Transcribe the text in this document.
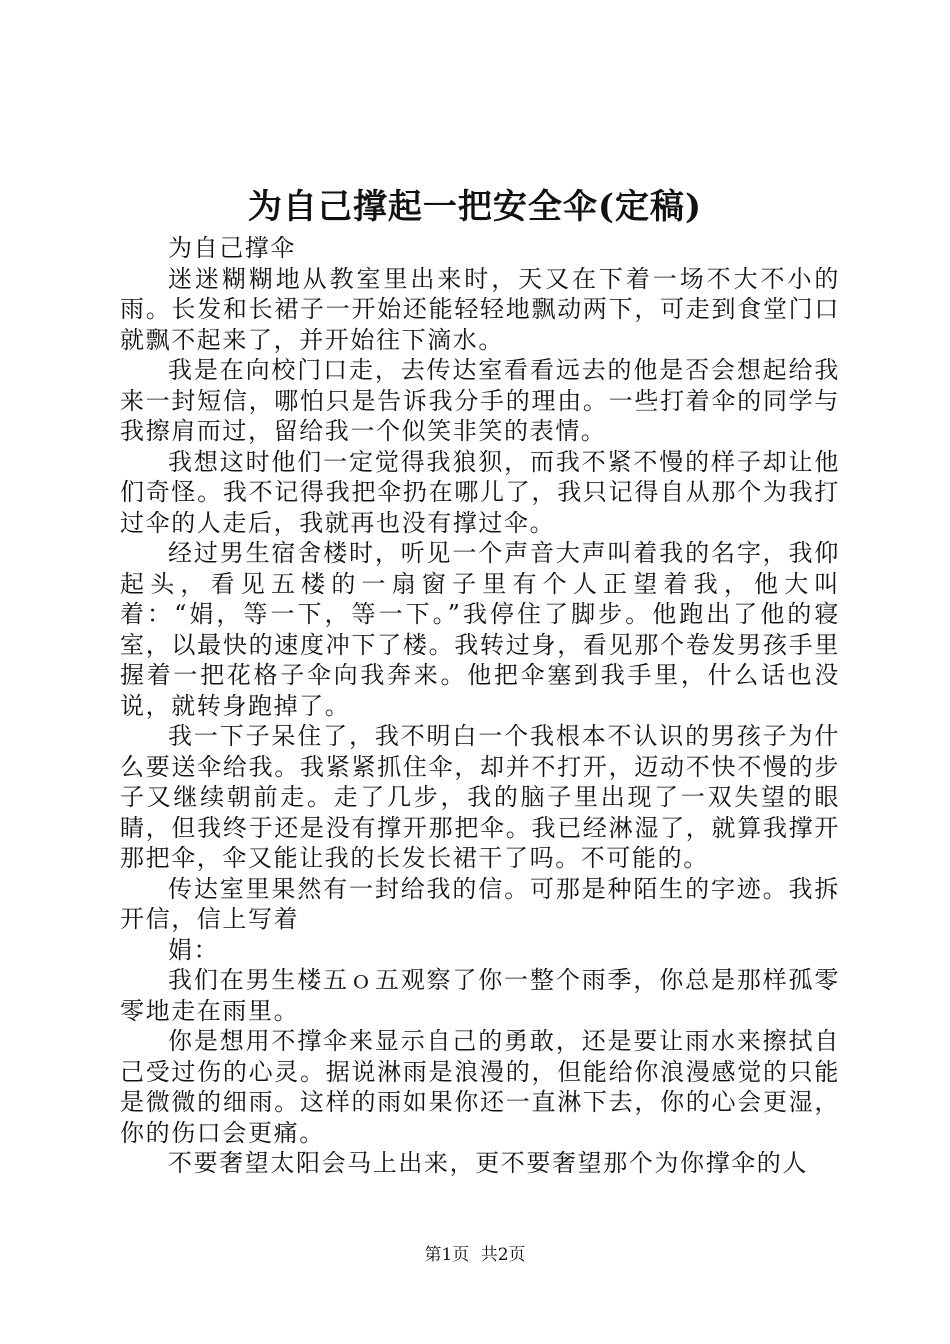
为自己撑起一把安全伞(定稿)

为自己撑伞

迷迷糊糊地从教室里出来时，天又在下着一场不大不小的雨。长发和长裙子一开始还能轻轻地飘动两下，可走到食堂门口就飘不起来了，并开始往下滴水。

我是在向校门口走，去传达室看看远去的他是否会想起给我来一封短信，哪怕只是告诉我分手的理由。一些打着伞的同学与我擦肩而过，留给我一个似笑非笑的表情。

我想这时他们一定觉得我狼狈，而我不紧不慢的样子却让他们奇怪。我不记得我把伞扔在哪儿了，我只记得自从那个为我打过伞的人走后，我就再也没有撑过伞。

经过男生宿舍楼时，听见一个声音大声叫着我的名字，我仰起头，看见五楼的一扇窗子里有个人正望着我，他大叫着：“娟，等一下，等一下。”我停住了脚步。他跑出了他的寝室，以最快的速度冲下了楼。我转过身，看见那个卷发男孩手里握着一把花格子伞向我奔来。他把伞塞到我手里，什么话也没说，就转身跑掉了。

我一下子呆住了，我不明白一个我根本不认识的男孩子为什么要送伞给我。我紧紧抓住伞，却并不打开，迈动不快不慢的步子又继续朝前走。走了几步，我的脑子里出现了一双失望的眼睛，但我终于还是没有撑开那把伞。我已经淋湿了，就算我撑开那把伞，伞又能让我的长发长裙干了吗。不可能的。

传达室里果然有一封给我的信。可那是种陌生的字迹。我拆开信，信上写着

娟：

我们在男生楼五ｏ五观察了你一整个雨季，你总是那样孤零零地走在雨里。

你是想用不撑伞来显示自己的勇敢，还是要让雨水来擦拭自己受过伤的心灵。据说淋雨是浪漫的，但能给你浪漫感觉的只能是微微的细雨。这样的雨如果你还一直淋下去，你的心会更湿，你的伤口会更痛。

不要奢望太阳会马上出来，更不要奢望那个为你撑伞的人

第1页 共2页
